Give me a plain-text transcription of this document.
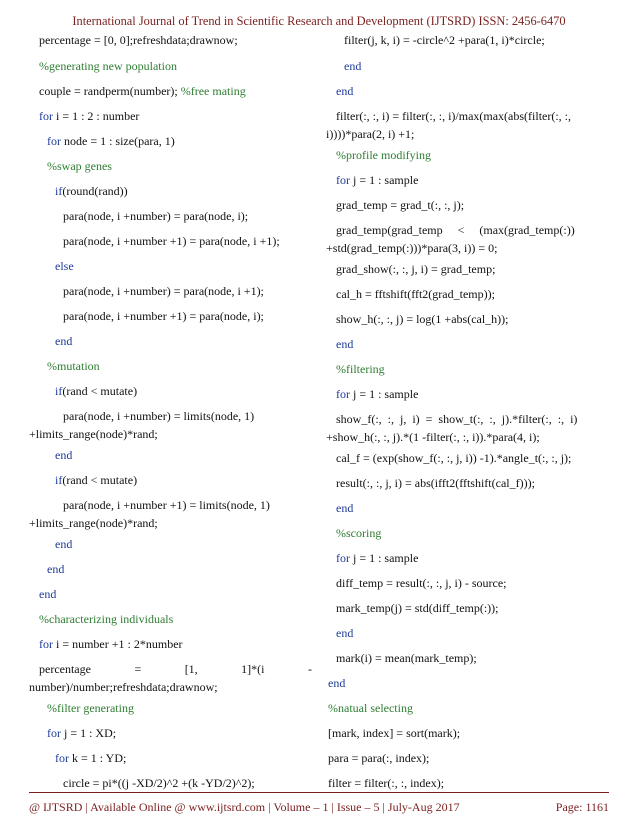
International Journal of Trend in Scientific Research and Development (IJTSRD) ISSN: 2456-6470
percentage = [0, 0];refreshdata;drawnow;
%generating new population
couple = randperm(number); %free mating
for i = 1 : 2 : number
for node = 1 : size(para, 1)
%swap genes
if(round(rand))
para(node, i +number) = para(node, i);
para(node, i +number +1) = para(node, i +1);
else
para(node, i +number) = para(node, i +1);
para(node, i +number +1) = para(node, i);
end
%mutation
if(rand < mutate)
para(node, i +number) = limits(node, 1)
+limits_range(node)*rand;
end
if(rand < mutate)
para(node, i +number +1) = limits(node, 1)
+limits_range(node)*rand;
end
end
end
%characterizing individuals
for i = number +1 : 2*number
percentage	=	[1,	1]*(i	-
number)/number;refreshdata;drawnow;
%filter generating
for j = 1 : XD;
for k = 1 : YD;
circle = pi*((j -XD/2)^2 +(k -YD/2)^2);
filter(j, k, i) = -circle^2 +para(1, i)*circle;
end
end
filter(:, :, i) = filter(:, :, i)/max(max(abs(filter(:, :,
i))))*para(2, i) +1;
%profile modifying
for j = 1 : sample
grad_temp = grad_t(:, :, j);
grad_temp(grad_temp     <     (max(grad_temp(:))
+std(grad_temp(:)))*para(3, i)) = 0;
grad_show(:, :, j, i) = grad_temp;
cal_h = fftshift(fft2(grad_temp));
show_h(:, :, j) = log(1 +abs(cal_h));
end
%filtering
for j = 1 : sample
show_f(:,  :,  j,  i)  =  show_t(:,  :,  j).*filter(:,  :,  i)
+show_h(:, :, j).*(1 -filter(:, :, i)).*para(4, i);
cal_f = (exp(show_f(:, :, j, i)) -1).*angle_t(:, :, j);
result(:, :, j, i) = abs(ifft2(fftshift(cal_f)));
end
%scoring
for j = 1 : sample
diff_temp = result(:, :, j, i) - source;
mark_temp(j) = std(diff_temp(:));
end
mark(i) = mean(mark_temp);
end
%natual selecting
[mark, index] = sort(mark);
para = para(:, index);
filter = filter(:, :, index);
@ IJTSRD | Available Online @ www.ijtsrd.com | Volume – 1 | Issue – 5 | July-Aug 2017	Page: 1161
